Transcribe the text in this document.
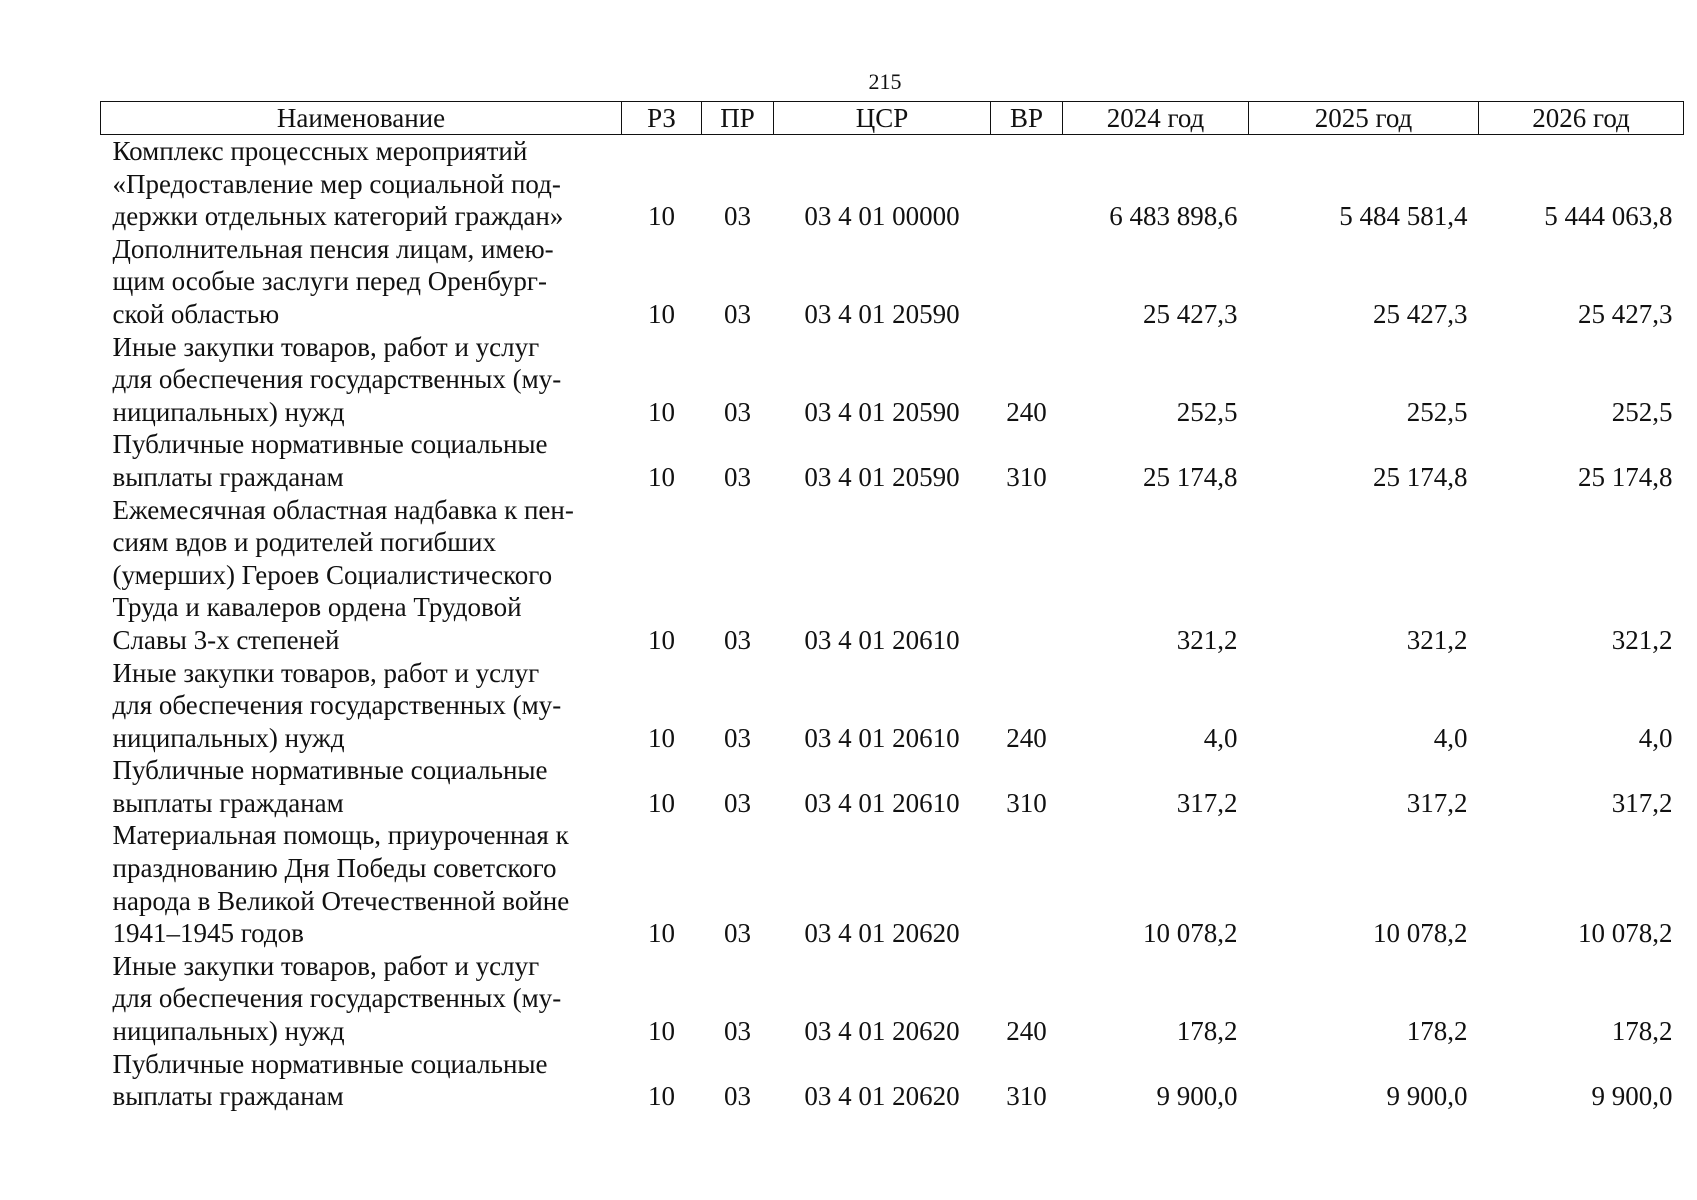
215
Наименование	РЗ	ПР	ЦСР	ВР	2024 год	2025 год	2026 год

Комплекс процессных мероприятий
«Предоставление мер социальной под-
держки отдельных категорий граждан»	10	03	03 4 01 00000		6 483 898,6	5 484 581,4	5 444 063,8

Дополнительная пенсия лицам, имею-
щим особые заслуги перед Оренбург-
ской областью	10	03	03 4 01 20590		25 427,3	25 427,3	25 427,3

Иные закупки товаров, работ и услуг
для обеспечения государственных (му-
ниципальных) нужд	10	03	03 4 01 20590	240	252,5	252,5	252,5

Публичные нормативные социальные
выплаты гражданам	10	03	03 4 01 20590	310	25 174,8	25 174,8	25 174,8

Ежемесячная областная надбавка к пен-
сиям вдов и родителей погибших
(умерших) Героев Социалистического
Труда и кавалеров ордена Трудовой
Славы 3-х степеней	10	03	03 4 01 20610		321,2	321,2	321,2

Иные закупки товаров, работ и услуг
для обеспечения государственных (му-
ниципальных) нужд	10	03	03 4 01 20610	240	4,0	4,0	4,0

Публичные нормативные социальные
выплаты гражданам	10	03	03 4 01 20610	310	317,2	317,2	317,2

Материальная помощь, приуроченная к
празднованию Дня Победы советского
народа в Великой Отечественной войне
1941–1945 годов	10	03	03 4 01 20620		10 078,2	10 078,2	10 078,2

Иные закупки товаров, работ и услуг
для обеспечения государственных (му-
ниципальных) нужд	10	03	03 4 01 20620	240	178,2	178,2	178,2

Публичные нормативные социальные
выплаты гражданам	10	03	03 4 01 20620	310	9 900,0	9 900,0	9 900,0
